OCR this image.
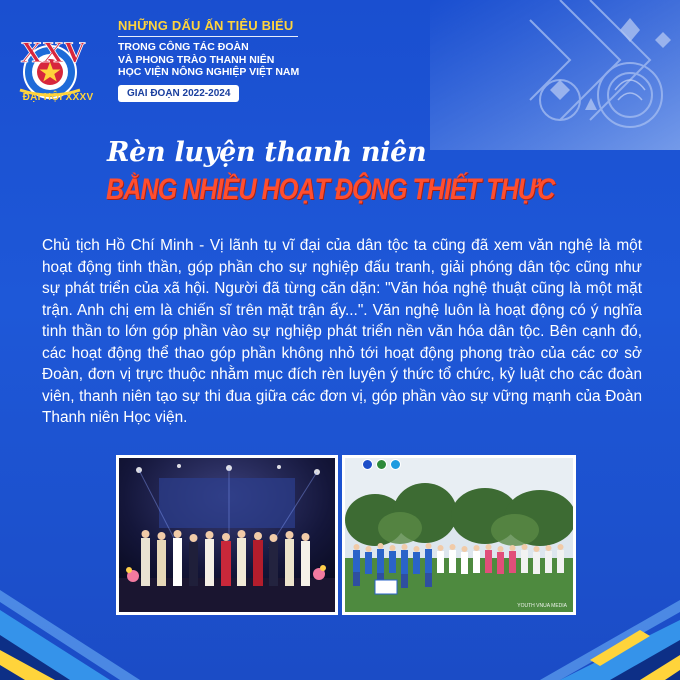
XXV
ĐẠI HỘI XXXV
NHỮNG DẤU ẤN TIÊU BIỂU
TRONG CÔNG TÁC ĐOÀN
VÀ PHONG TRÀO THANH NIÊN
HỌC VIỆN NÔNG NGHIỆP VIỆT NAM
GIAI ĐOẠN 2022-2024
Rèn luyện thanh niên
BẰNG NHIỀU HOẠT ĐỘNG THIẾT THỰC
Chủ tịch Hồ Chí Minh - Vị lãnh tụ vĩ đại của dân tộc ta cũng đã xem văn nghệ là một hoạt động tinh thần, góp phần cho sự nghiệp đấu tranh, giải phóng dân tộc cũng như sự phát triển của xã hội. Người đã từng căn dặn: "Văn hóa nghệ thuật cũng là một mặt trận. Anh chị em là chiến sĩ trên mặt trận ấy...". Văn nghệ luôn là hoạt động có ý nghĩa tinh thần to lớn góp phần vào sự nghiệp phát triển nền văn hóa dân tộc. Bên cạnh đó, các hoạt động thể thao góp phần không nhỏ tới hoạt động phong trào của các cơ sở Đoàn, đơn vị trực thuộc nhằm mục đích rèn luyện ý thức tổ chức, kỷ luật cho các đoàn viên, thanh niên tạo sự thi đua giữa các đơn vị, góp phần vào sự vững mạnh của Đoàn Thanh niên Học viện.
YOUTH VNUA MEDIA
